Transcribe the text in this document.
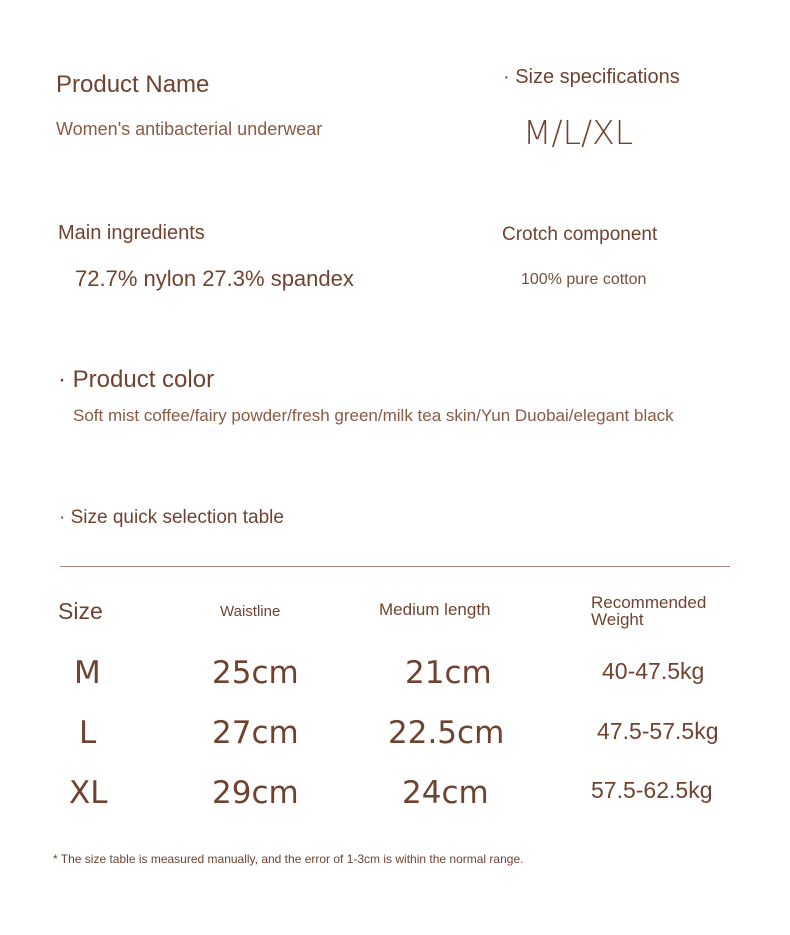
Product Name
Women's antibacterial underwear
· Size specifications
M/L/XL
Main ingredients
72.7% nylon 27.3% spandex
Crotch component
100% pure cotton
· Product color
Soft mist coffee/fairy powder/fresh green/milk tea skin/Yun Duobai/elegant black
· Size quick selection table
Size	Waistline	Medium length	Recommended
Weight
M	25cm	21cm	40-47.5kg
L	27cm	22.5cm	47.5-57.5kg
XL	29cm	24cm	57.5-62.5kg
* The size table is measured manually, and the error of 1-3cm is within the normal range.
